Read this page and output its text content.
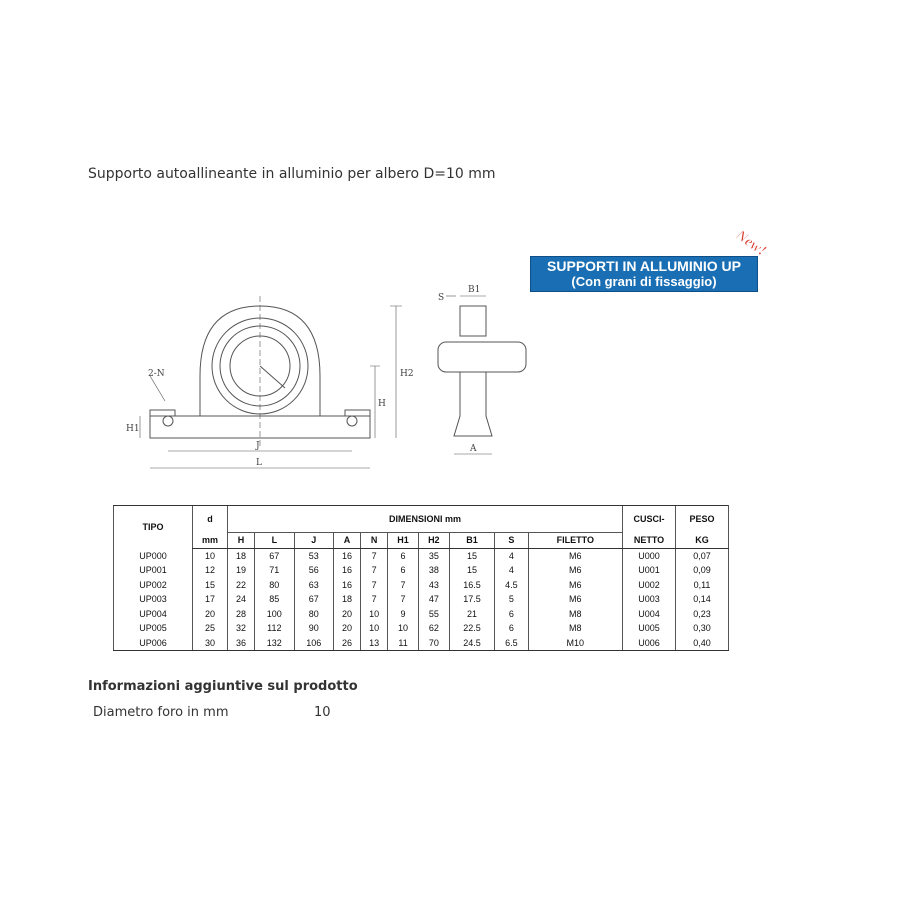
Supporto autoallineante in alluminio per albero D=10 mm
SUPPORTI IN ALLUMINIO UP
(Con grani di fissaggio)
New!
S
B1
H2
H
H1
2-N
J
L
A
TIPO	d	DIMENSIONI mm										CUSCI-	PESO
	mm	H	L	J	A	N	H1	H2	B1	S	FILETTO	NETTO	KG
UP000	10	18	67	53	16	7	6	35	15	4	M6	U000	0,07
UP001	12	19	71	56	16	7	6	38	15	4	M6	U001	0,09
UP002	15	22	80	63	16	7	7	43	16.5	4.5	M6	U002	0,11
UP003	17	24	85	67	18	7	7	47	17.5	5	M6	U003	0,14
UP004	20	28	100	80	20	10	9	55	21	6	M8	U004	0,23
UP005	25	32	112	90	20	10	10	62	22.5	6	M8	U005	0,30
UP006	30	36	132	106	26	13	11	70	24.5	6.5	M10	U006	0,40
Informazioni aggiuntive sul prodotto
Diametro foro in mm	10
